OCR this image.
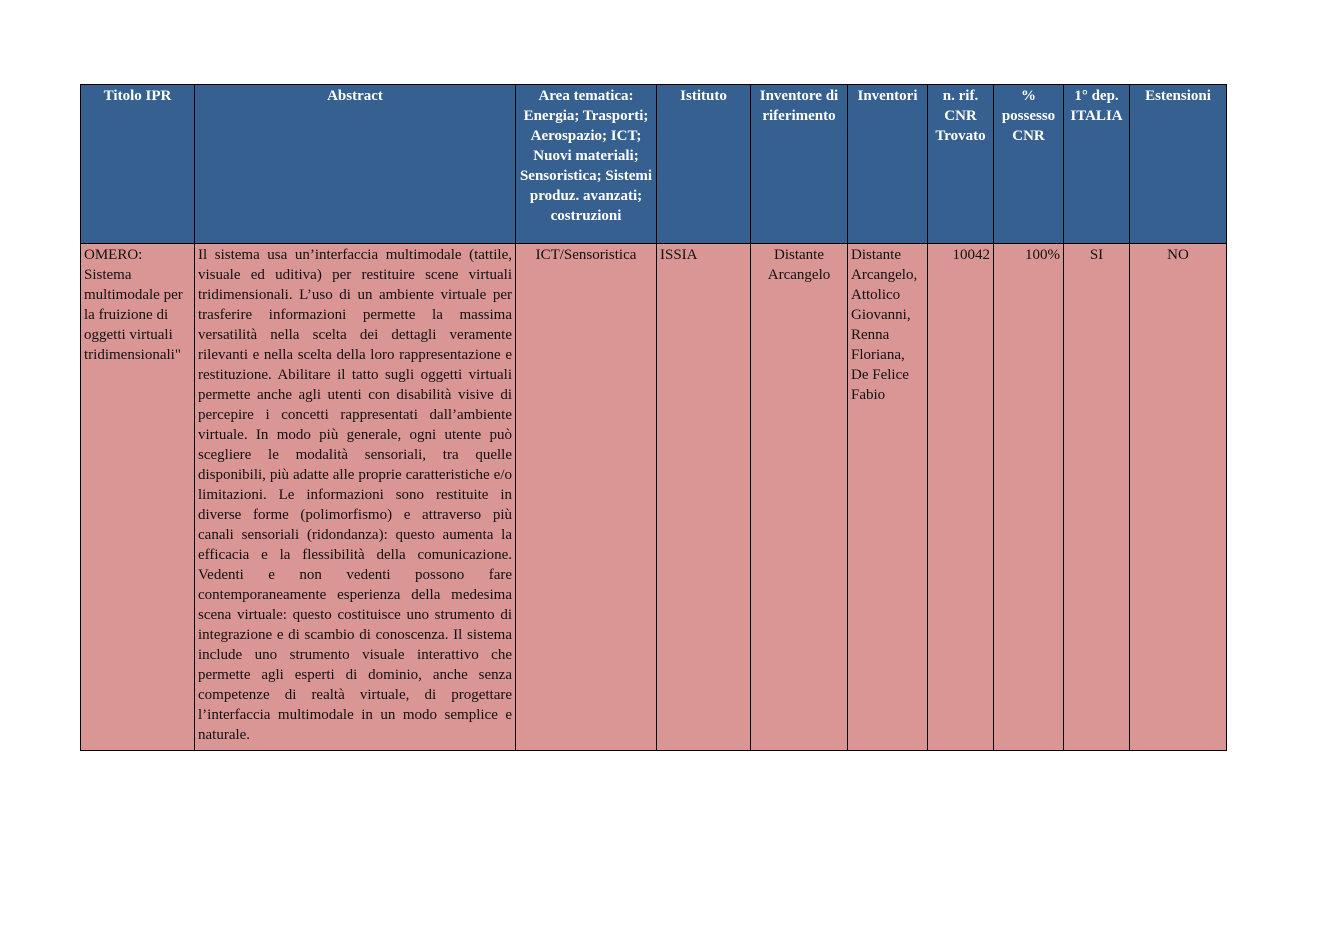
Titolo IPR	Abstract	Area tematica: Energia; Trasporti; Aerospazio; ICT; Nuovi materiali; Sensoristica; Sistemi produz. avanzati; costruzioni	Istituto	Inventore di riferimento	Inventori	n. rif. CNR Trovato	% possesso CNR	1° dep. ITALIA	Estensioni
OMERO: Sistema multimodale per la fruizione di oggetti virtuali tridimensionali"	Il sistema usa un’interfaccia multimodale (tattile, visuale ed uditiva) per restituire scene virtuali tridimensionali. L’uso di un ambiente virtuale per trasferire informazioni permette la massima versatilità nella scelta dei dettagli veramente rilevanti e nella scelta della loro rappresentazione e restituzione. Abilitare il tatto sugli oggetti virtuali permette anche agli utenti con disabilità visive di percepire i concetti rappresentati dall’ambiente virtuale. In modo più generale, ogni utente può scegliere le modalità sensoriali, tra quelle disponibili, più adatte alle proprie caratteristiche e/o limitazioni. Le informazioni sono restituite in diverse forme (polimorfismo) e attraverso più canali sensoriali (ridondanza): questo aumenta la efficacia e la flessibilità della comunicazione. Vedenti e non vedenti possono fare contemporaneamente esperienza della medesima scena virtuale: questo costituisce uno strumento di integrazione e di scambio di conoscenza. Il sistema include uno strumento visuale interattivo che permette agli esperti di dominio, anche senza competenze di realtà virtuale, di progettare l’interfaccia multimodale in un modo semplice e naturale.	ICT/Sensoristica	ISSIA	Distante Arcangelo	Distante Arcangelo, Attolico Giovanni, Renna Floriana, De Felice Fabio	10042	100%	SI	NO
